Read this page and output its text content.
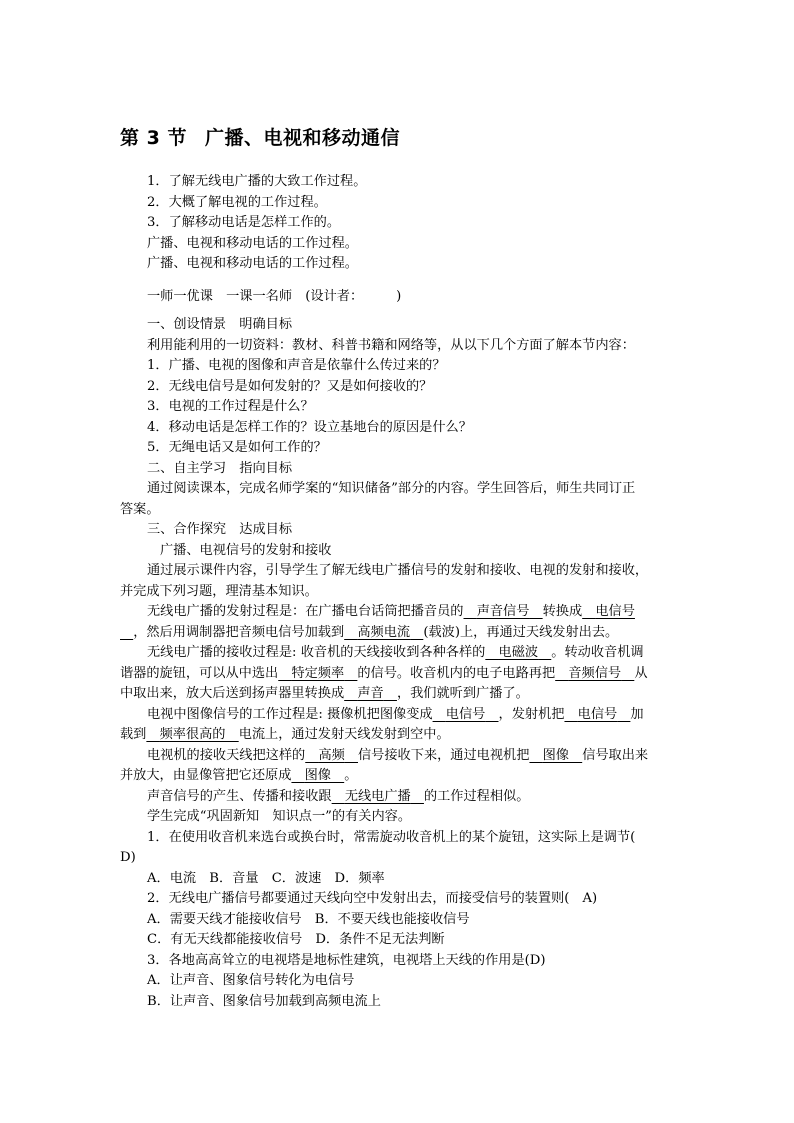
第 3 节 广播、电视和移动通信
1．了解无线电广播的大致工作过程。
2．大概了解电视的工作过程。
3．了解移动电话是怎样工作的。
广播、电视和移动电话的工作过程。
广播、电视和移动电话的工作过程。
一师一优课　一课一名师　(设计者：　　　)
一、创设情景　明确目标
利用能利用的一切资料：教材、科普书籍和网络等，从以下几个方面了解本节内容：
1．广播、电视的图像和声音是依靠什么传过来的？
2．无线电信号是如何发射的？又是如何接收的？
3．电视的工作过程是什么？
4．移动电话是怎样工作的？设立基地台的原因是什么？
5．无绳电话又是如何工作的？
二、自主学习　指向目标
通过阅读课本，完成名师学案的“知识储备”部分的内容。学生回答后，师生共同订正
答案。
三、合作探究　达成目标
广播、电视信号的发射和接收
通过展示课件内容，引导学生了解无线电广播信号的发射和接收、电视的发射和接收，
并完成下列习题，理清基本知识。
无线电广播的发射过程是：在广播电台话筒把播音员的　 声音信号　 转换成　 电信号
　，然后用调制器把音频电信号加载到　 高频电流　 (载波)上，再通过天线发射出去。
无线电广播的接收过程是: 收音机的天线接收到各种各样的　 电磁波　 。转动收音机调
谐器的旋钮，可以从中选出　 特定频率　 的信号。收音机内的电子电路再把　 音频信号　 从
中取出来，放大后送到扬声器里转换成　 声音　 ，我们就听到广播了。
电视中图像信号的工作过程是: 摄像机把图像变成　 电信号　 ，发射机把　 电信号　 加
载到　 频率很高的　 电流上，通过发射天线发射到空中。
电视机的接收天线把这样的　 高频　 信号接收下来，通过电视机把　 图像　 信号取出来
并放大，由显像管把它还原成　 图像　 。
声音信号的产生、传播和接收跟　 无线电广播　 的工作过程相似。
学生完成“巩固新知　知识点一”的有关内容。
1．在使用收音机来选台或换台时，常需旋动收音机上的某个旋钮，这实际上是调节(
D)
A．电流　B．音量　C．波速　D．频率
2．无线电广播信号都要通过天线向空中发射出去，而接受信号的装置则(　A)
A．需要天线才能接收信号　B．不要天线也能接收信号
C．有无天线都能接收信号　D．条件不足无法判断
3．各地高高耸立的电视塔是地标性建筑，电视塔上天线的作用是(D)
A．让声音、图象信号转化为电信号
B．让声音、图象信号加载到高频电流上
